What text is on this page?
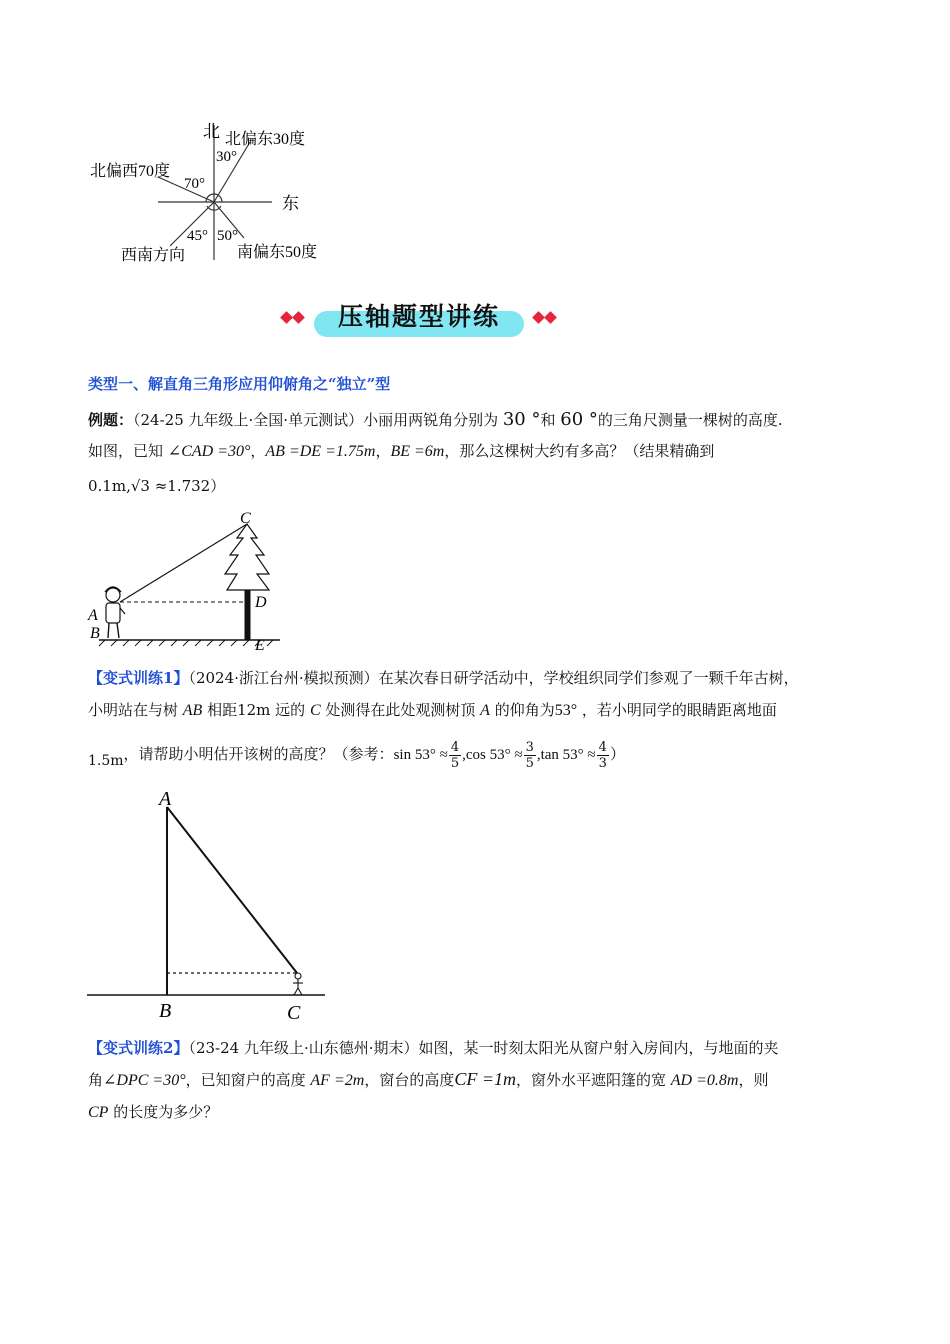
北 北偏东30度
30°
北偏西70度
70°
东
45° 50°
西南方向	南偏东50度
压轴题型讲练
类型一、解直角三角形应用仰俯角之“独立”型
例题：（24-25 九年级上·全国·单元测试）小丽用两锐角分别为 30 °和 60 °的三角尺测量一棵树的高度.
如图，已知 ∠CAD =30°，AB =DE =1.75m，BE =6m，那么这棵树大约有多高？（结果精确到
0.1m,√3 ≈1.732）
C
A
B
D
E
【变式训练1】（2024·浙江台州·模拟预测）在某次春日研学活动中，学校组织同学们参观了一颗千年古树，
小明站在与树 AB 相距12m 远的 C 处测得在此处观测树顶 A 的仰角为53° ，若小明同学的眼睛距离地面
1.5m，请帮助小明估开该树的高度？（参考：$\sin 53^\circ \approx \frac{4}{5} ,\cos$ $53^\circ \approx \frac{3}{5} ,\tan$ $53^\circ \approx \frac{4}{3}$ ）
A
B	C
【变式训练2】（23-24 九年级上·山东德州·期末）如图，某一时刻太阳光从窗户射入房间内，与地面的夹
角∠DPC =30°，已知窗户的高度 AF =2m，窗台的高度CF =1m，窗外水平遮阳篷的宽 AD =0.8m，则
CP 的长度为多少？
